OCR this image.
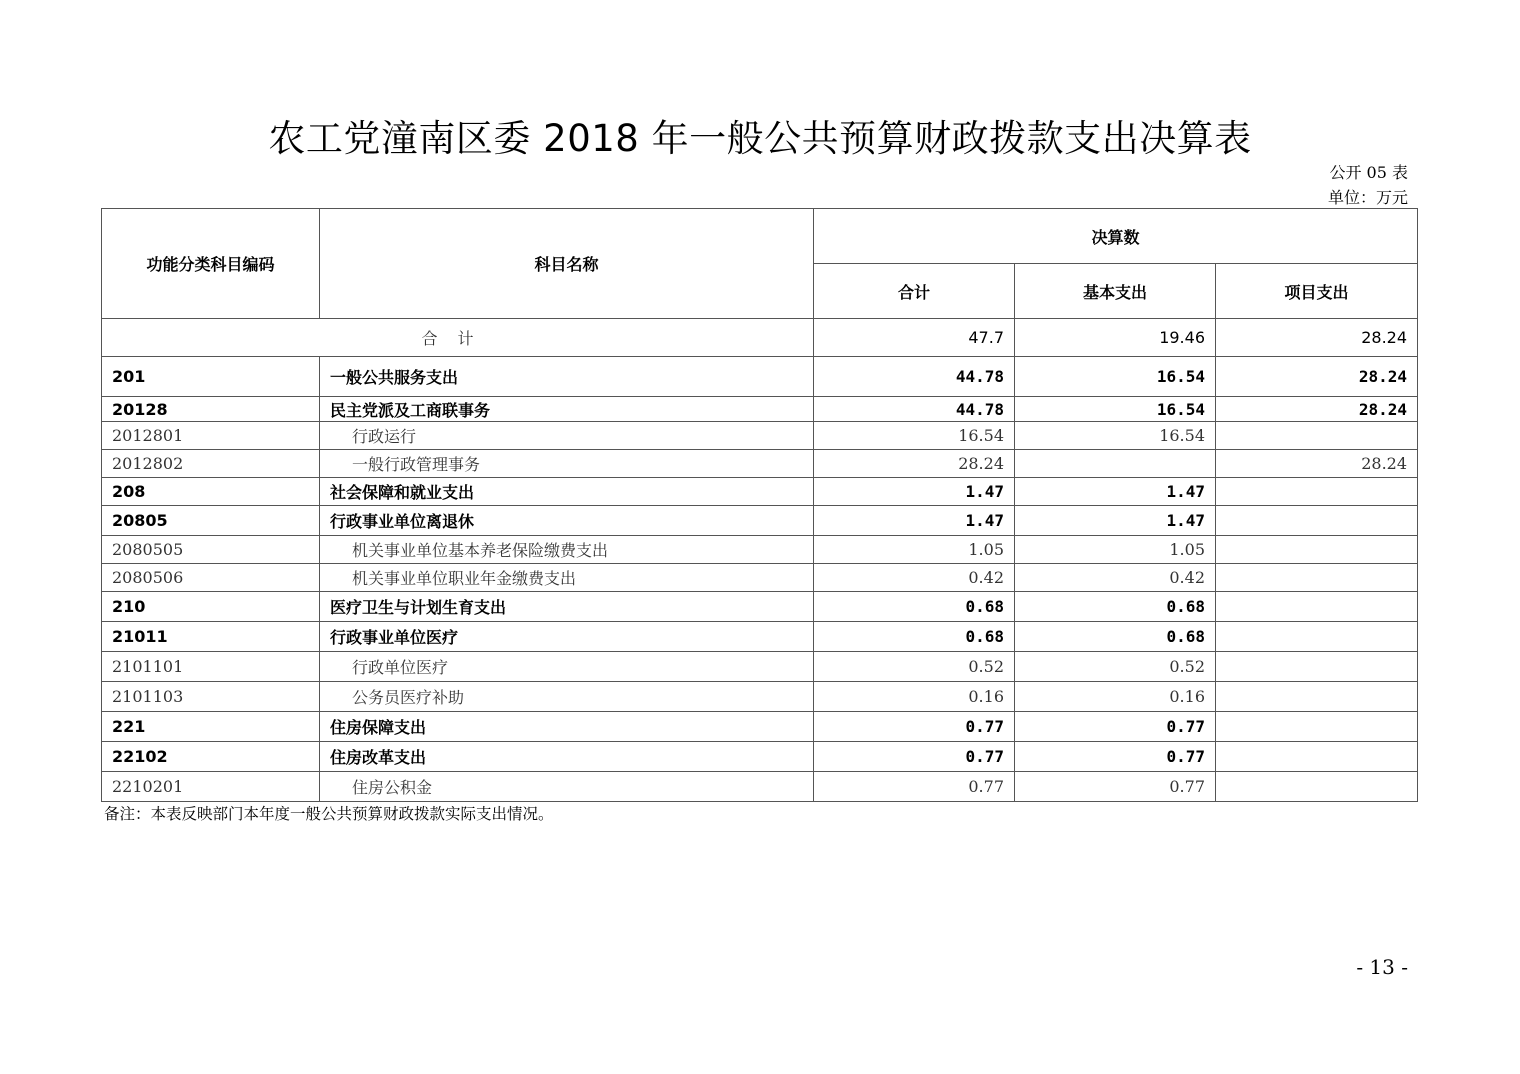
农工党潼南区委 2018 年一般公共预算财政拨款支出决算表
公开 05 表
单位：万元
功能分类科目编码	科目名称	决算数		
		合计	基本支出	项目支出
合计		47.7	19.46	28.24
201	一般公共服务支出	44.78	16.54	28.24
20128	民主党派及工商联事务	44.78	16.54	28.24
2012801	行政运行	16.54	16.54	
2012802	一般行政管理事务	28.24		28.24
208	社会保障和就业支出	1.47	1.47	
20805	行政事业单位离退休	1.47	1.47	
2080505	机关事业单位基本养老保险缴费支出	1.05	1.05	
2080506	机关事业单位职业年金缴费支出	0.42	0.42	
210	医疗卫生与计划生育支出	0.68	0.68	
21011	行政事业单位医疗	0.68	0.68	
2101101	行政单位医疗	0.52	0.52	
2101103	公务员医疗补助	0.16	0.16	
221	住房保障支出	0.77	0.77	
22102	住房改革支出	0.77	0.77	
2210201	住房公积金	0.77	0.77	
备注：本表反映部门本年度一般公共预算财政拨款实际支出情况。
- 13 -
